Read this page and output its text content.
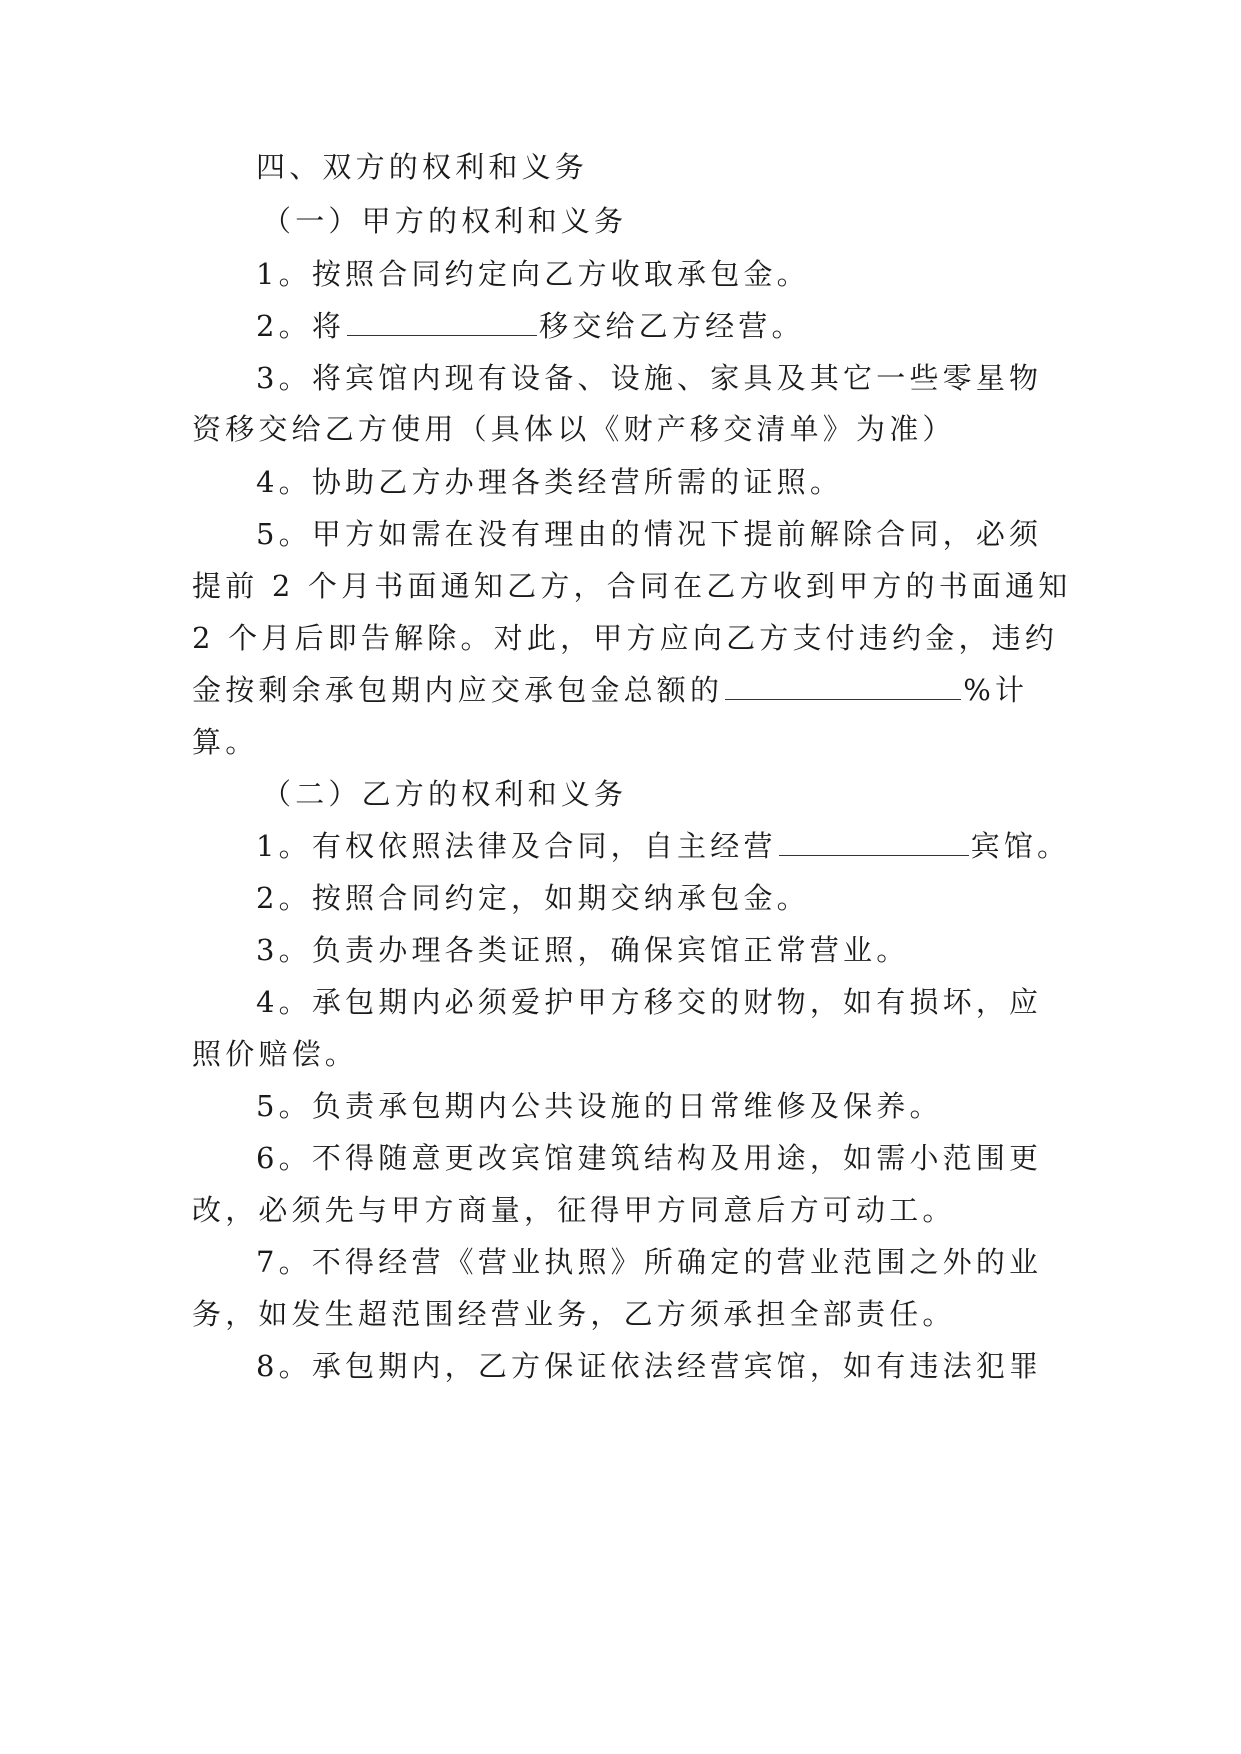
四、双方的权利和义务
（一）甲方的权利和义务
1。按照合同约定向乙方收取承包金。
2。将	移交给乙方经营。
3。将宾馆内现有设备、设施、家具及其它一些零星物
资移交给乙方使用（具体以《财产移交清单》为准）
4。协助乙方办理各类经营所需的证照。
5。甲方如需在没有理由的情况下提前解除合同，必须
提前 2 个月书面通知乙方，合同在乙方收到甲方的书面通知
2 个月后即告解除。对此，甲方应向乙方支付违约金，违约
金按剩余承包期内应交承包金总额的	%计
算。
（二）乙方的权利和义务
1。有权依照法律及合同，自主经营	宾馆。
2。按照合同约定，如期交纳承包金。
3。负责办理各类证照，确保宾馆正常营业。
4。承包期内必须爱护甲方移交的财物，如有损坏，应
照价赔偿。
5。负责承包期内公共设施的日常维修及保养。
6。不得随意更改宾馆建筑结构及用途，如需小范围更
改，必须先与甲方商量，征得甲方同意后方可动工。
7。不得经营《营业执照》所确定的营业范围之外的业
务，如发生超范围经营业务，乙方须承担全部责任。
8。承包期内，乙方保证依法经营宾馆，如有违法犯罪
